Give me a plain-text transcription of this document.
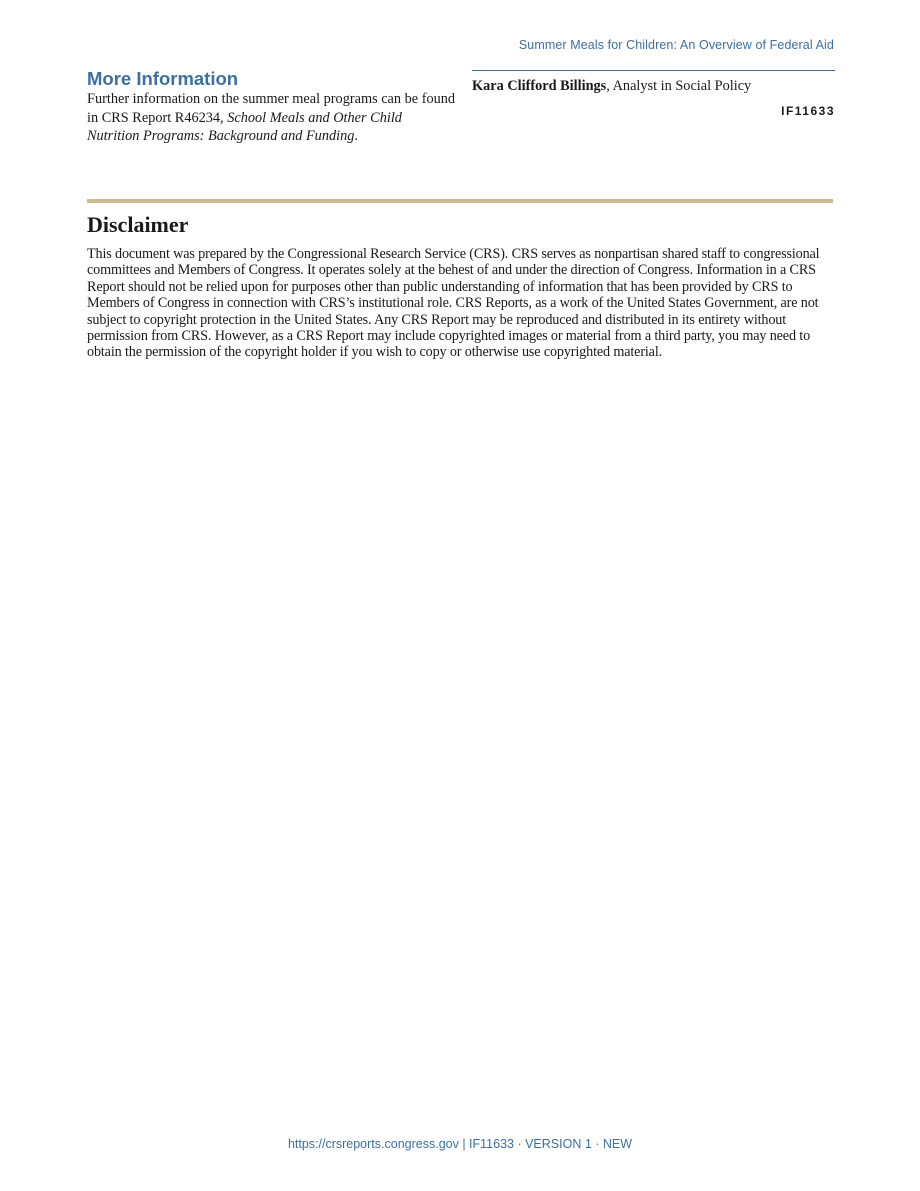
Summer Meals for Children: An Overview of Federal Aid
More Information

Further information on the summer meal programs can be found in CRS Report R46234, School Meals and Other Child Nutrition Programs: Background and Funding.

Kara Clifford Billings, Analyst in Social Policy
IF11633
Disclaimer

This document was prepared by the Congressional Research Service (CRS). CRS serves as nonpartisan shared staff to congressional committees and Members of Congress. It operates solely at the behest of and under the direction of Congress. Information in a CRS Report should not be relied upon for purposes other than public understanding of information that has been provided by CRS to Members of Congress in connection with CRS’s institutional role. CRS Reports, as a work of the United States Government, are not subject to copyright protection in the United States. Any CRS Report may be reproduced and distributed in its entirety without permission from CRS. However, as a CRS Report may include copyrighted images or material from a third party, you may need to obtain the permission of the copyright holder if you wish to copy or otherwise use copyrighted material.

https://crsreports.congress.gov | IF11633 · VERSION 1 · NEW
